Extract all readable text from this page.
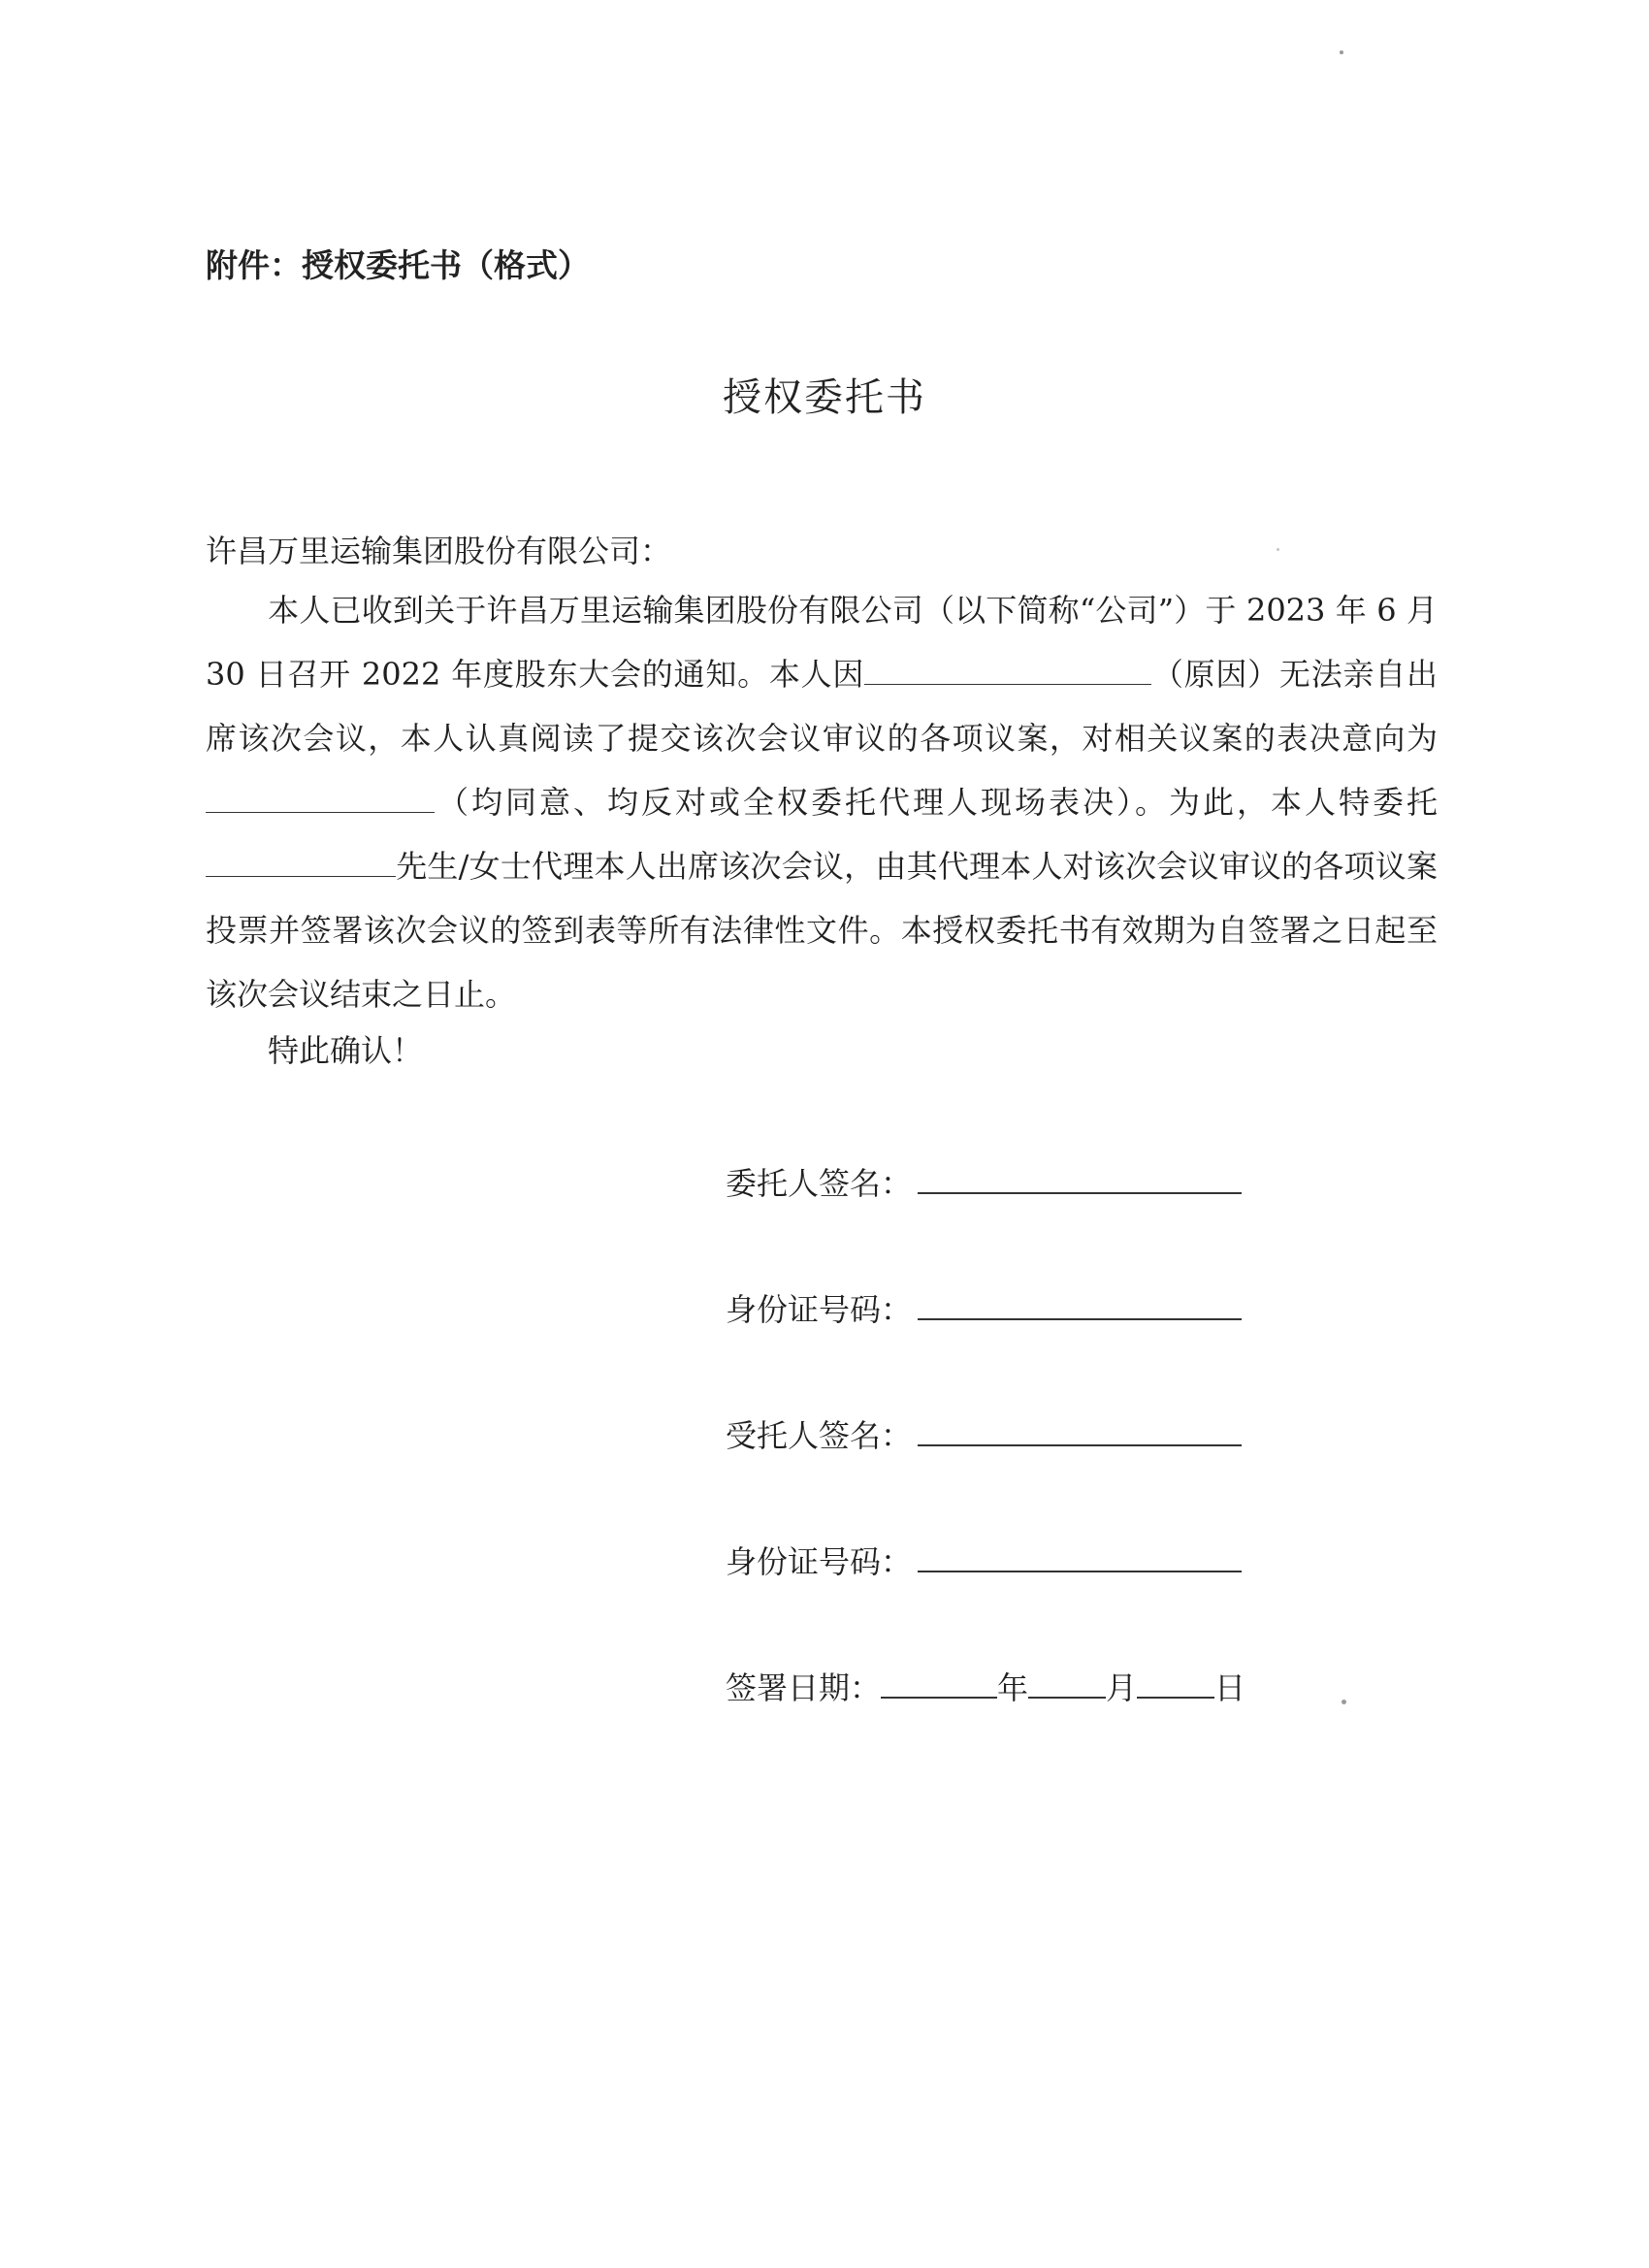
附件：授权委托书（格式）
授权委托书
许昌万里运输集团股份有限公司：
本人已收到关于许昌万里运输集团股份有限公司（以下简称“公司”）于 2023 年 6 月 30 日召开 2022 年度股东大会的通知。本人因	（原因）无法亲自出席该次会议，本人认真阅读了提交该次会议审议的各项议案，对相关议案的表决意向为（均同意、均反对或全权委托代理人现场表决）。为此，本人特委托先生/女士代理本人出席该次会议，由其代理本人对该次会议审议的各项议案投票并签署该次会议的签到表等所有法律性文件。本授权委托书有效期为自签署之日起至该次会议结束之日止。
特此确认！
委托人签名：
身份证号码：
受托人签名：
身份证号码：
签署日期：	年	月	日
